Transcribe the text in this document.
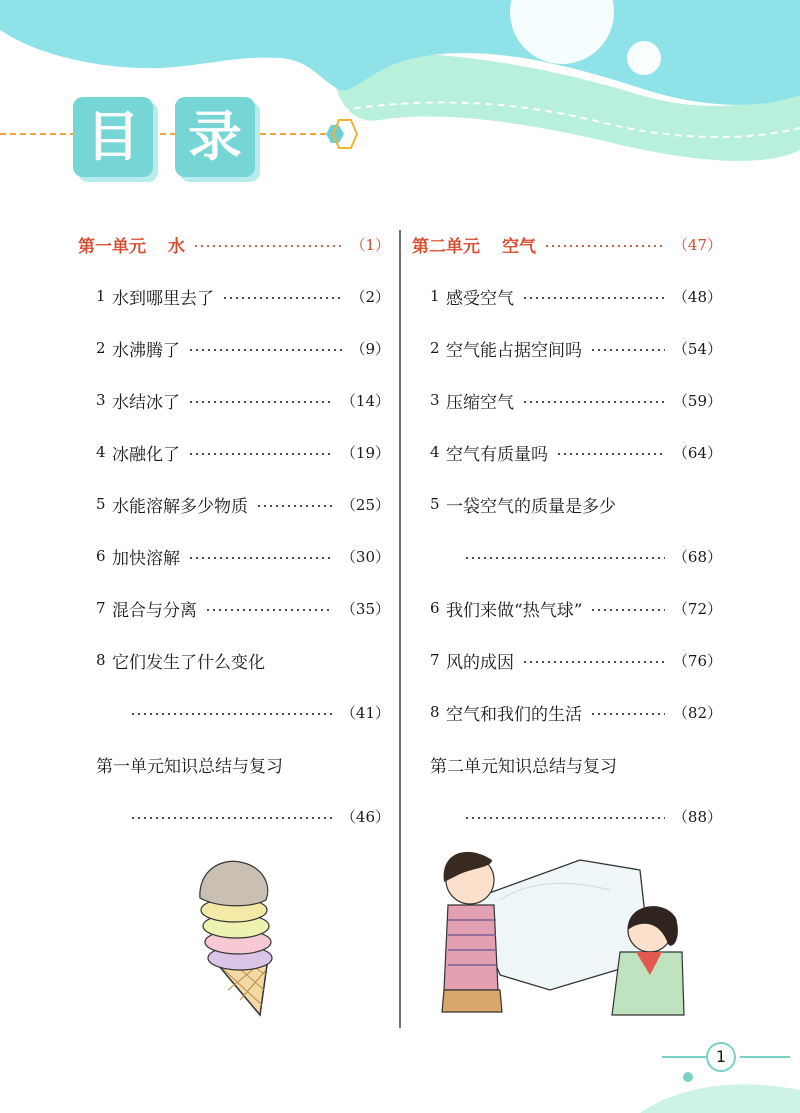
目 录
第一单元 水	（1）
1 水到哪里去了	（2）
2 水沸腾了	（9）
3 水结冰了	（14）
4 冰融化了	（19）
5 水能溶解多少物质	（25）
6 加快溶解	（30）
7 混合与分离	（35）
8 它们发生了什么变化
（41）
第一单元知识总结与复习
（46）
第二单元 空气	（47）
1 感受空气	（48）
2 空气能占据空间吗	（54）
3 压缩空气	（59）
4 空气有质量吗	（64）
5 一袋空气的质量是多少
（68）
6 我们来做“热气球”	（72）
7 风的成因	（76）
8 空气和我们的生活	（82）
第二单元知识总结与复习
（88）
1
